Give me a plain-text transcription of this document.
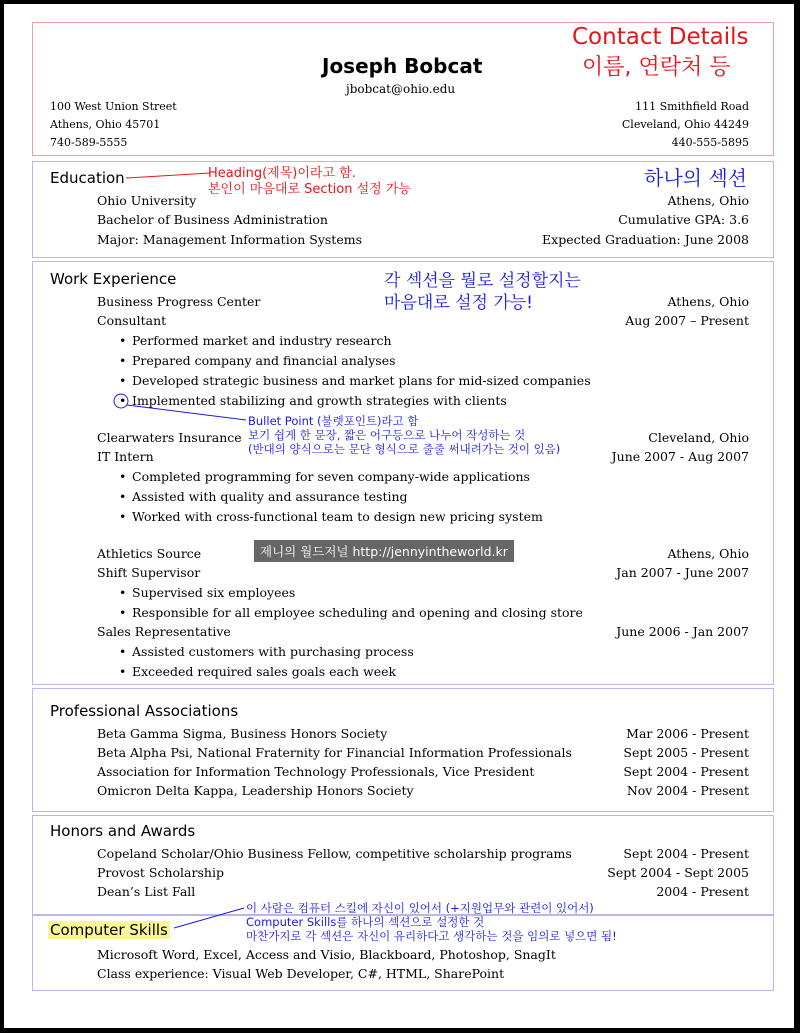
Contact Details
이름, 연락처 등
Joseph Bobcat
jbobcat@ohio.edu
100 West Union Street
Athens, Ohio 45701
740-589-5555
111 Smithfield Road
Cleveland, Ohio 44249
440-555-5895
Education	Heading(제목)이라고 함.
본인이 마음대로 Section 설정 가능	하나의 섹션
Ohio University	Athens, Ohio
Bachelor of Business Administration	Cumulative GPA: 3.6
Major: Management Information Systems	Expected Graduation: June 2008
Work Experience	각 섹션을 뭘로 설정할지는
마음대로 설정 가능!
Business Progress Center	Athens, Ohio
Consultant	Aug 2007 – Present
• Performed market and industry research
• Prepared company and financial analyses
• Developed strategic business and market plans for mid-sized companies
• Implemented stabilizing and growth strategies with clients
Bullet Point (불렛포인트)라고 함
보기 쉽게 한 문장, 짧은 어구등으로 나누어 작성하는 것
(반대의 양식으로는 문단 형식으로 줄줄 써내려가는 것이 있음)
Clearwaters Insurance	Cleveland, Ohio
IT Intern	June 2007 - Aug 2007
• Completed programming for seven company-wide applications
• Assisted with quality and assurance testing
• Worked with cross-functional team to design new pricing system
제니의 월드저널 http://jennyintheworld.kr
Athletics Source	Athens, Ohio
Shift Supervisor	Jan 2007 - June 2007
• Supervised six employees
• Responsible for all employee scheduling and opening and closing store
Sales Representative	June 2006 - Jan 2007
• Assisted customers with purchasing process
• Exceeded required sales goals each week
Professional Associations
Beta Gamma Sigma, Business Honors Society	Mar 2006 - Present
Beta Alpha Psi, National Fraternity for Financial Information Professionals	Sept 2005 - Present
Association for Information Technology Professionals, Vice President	Sept 2004 - Present
Omicron Delta Kappa, Leadership Honors Society	Nov 2004 - Present
Honors and Awards
Copeland Scholar/Ohio Business Fellow, competitive scholarship programs	Sept 2004 - Present
Provost Scholarship	Sept 2004 - Sept 2005
Dean’s List Fall	2004 - Present
이 사람은 컴퓨터 스킬에 자신이 있어서 (+지원업무와 관련이 있어서)
Computer Skills를 하나의 섹션으로 설정한 것
마찬가지로 각 섹션은 자신이 유리하다고 생각하는 것을 임의로 넣으면 됨!
Computer Skills
Microsoft Word, Excel, Access and Visio, Blackboard, Photoshop, SnagIt
Class experience: Visual Web Developer, C#, HTML, SharePoint
